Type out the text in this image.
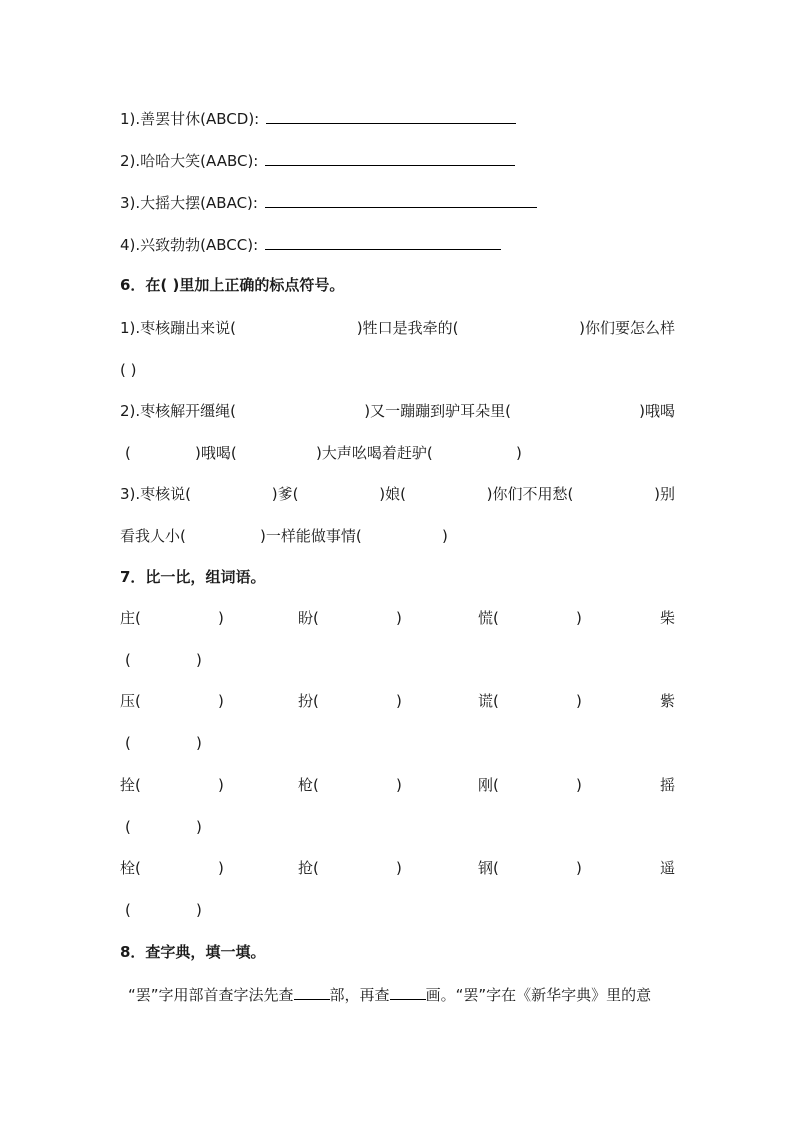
1).善罢甘休(ABCD):
2).哈哈大笑(AABC):
3).大摇大摆(ABAC):
4).兴致勃勃(ABCC):
6．在( )里加上正确的标点符号。
1).枣核蹦出来说(	)牲口是我牵的(	)你们要怎么样
( )
2).枣核解开缰绳(	)又一蹦蹦到驴耳朵里(	)哦喝
(	)哦喝(	)大声吆喝着赶驴(	)
3).枣核说(	)爹(	)娘(	)你们不用愁(	)别
看我人小(	)一样能做事情(	)
7．比一比，组词语。
庄(	)	盼(	)	慌(	)	柴
(	)
压(	)	扮(	)	谎(	)	紫
(	)
拴(	)	枪(	)	刚(	)	摇
(	)
栓(	)	抢(	)	钢(	)	遥
(	)
8．查字典，填一填。
“罢”字用部首查字法先查 部，再查 画。“罢”字在《新华字典》里的意
